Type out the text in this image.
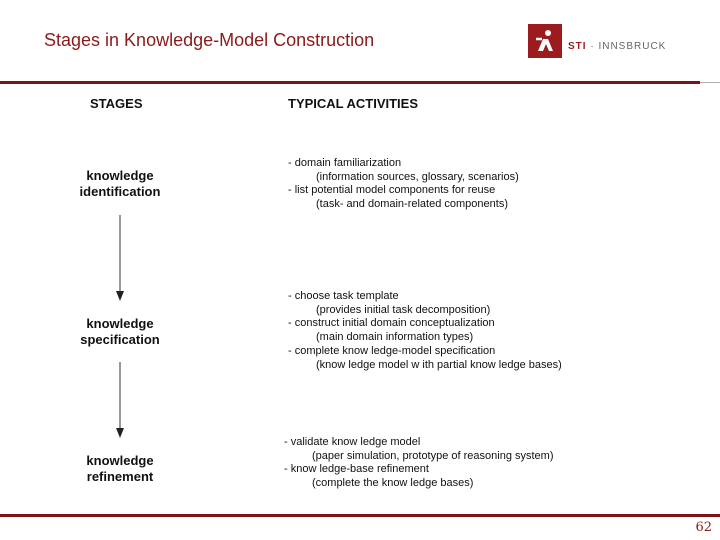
Stages in Knowledge-Model Construction	STI · INNSBRUCK
STAGES	TYPICAL ACTIVITIES
knowledge
identification
- domain familiarization
(information sources, glossary, scenarios)
- list potential model components for reuse
(task- and domain-related components)
knowledge
specification
- choose task template
(provides initial task decomposition)
- construct initial domain conceptualization
(main domain information types)
- complete know ledge-model specification
(know ledge model w ith partial know ledge bases)
knowledge
refinement
- validate know ledge model
(paper simulation, prototype of reasoning system)
- know ledge-base refinement
(complete the know ledge bases)
62
